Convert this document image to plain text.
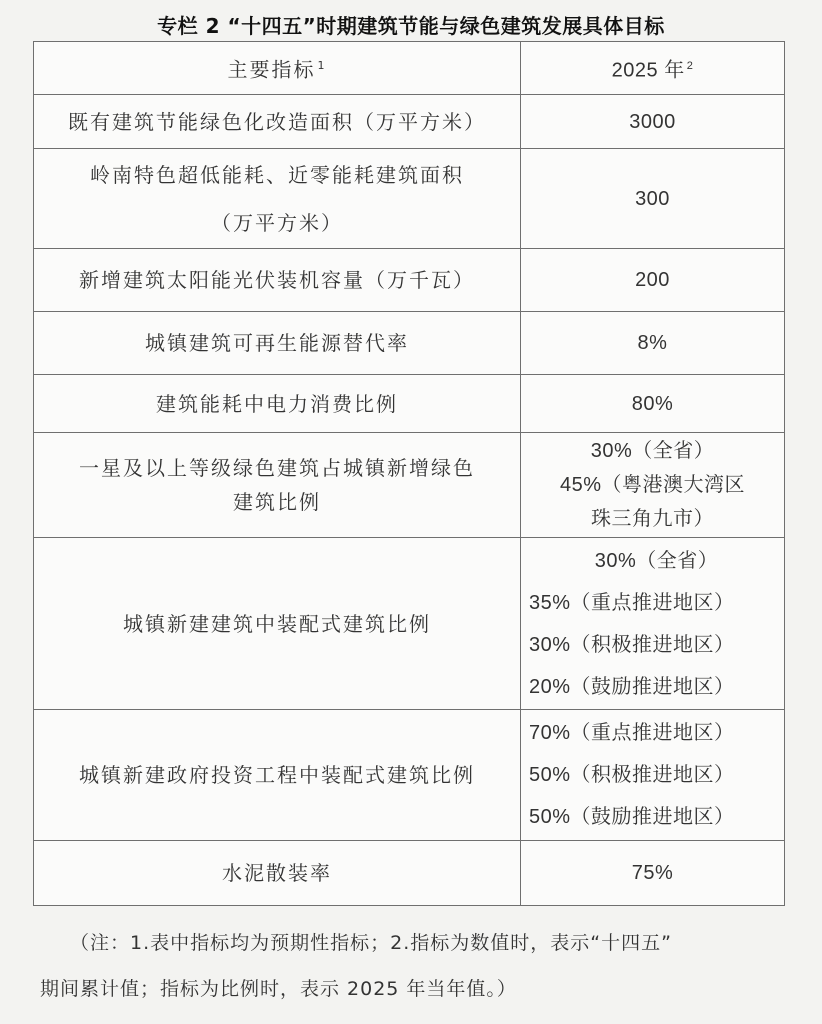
专栏 2 “十四五”时期建筑节能与绿色建筑发展具体目标
主要指标 $^1$	2025 年 $^2$
既有建筑节能绿色化改造面积（万平方米）	3000

岭南特色超低能耗、近零能耗建筑面积
（万平方米）	300
新增建筑太阳能光伏装机容量（万千瓦）	200
城镇建筑可再生能源替代率	8%
建筑能耗中电力消费比例	80%

一星及以上等级绿色建筑占城镇新增绿色
建筑比例	30%（全省）
45%（粤港澳大湾区
珠三角九市）

城镇新建建筑中装配式建筑比例	30%（全省）
35%（重点推进地区）
30%（积极推进地区）
20%（鼓励推进地区）

城镇新建政府投资工程中装配式建筑比例	70%（重点推进地区）
50%（积极推进地区）
50%（鼓励推进地区）

水泥散装率	75%
（注：1.表中指标均为预期性指标；2.指标为数值时，表示“十四五”
期间累计值；指标为比例时，表示 2025 年当年值。）
